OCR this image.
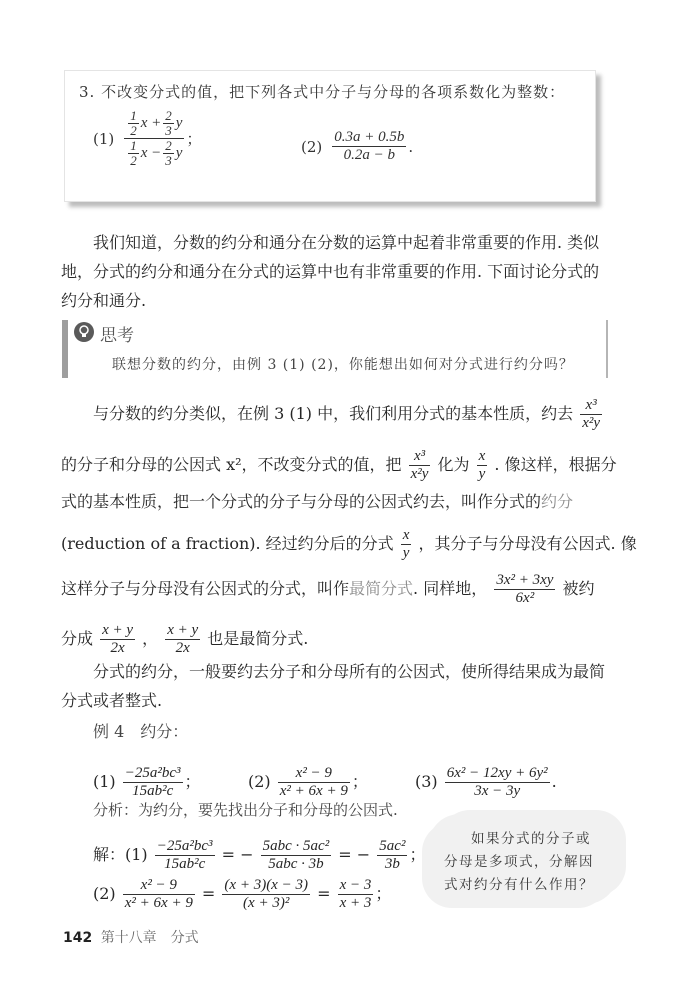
3. 不改变分式的值，把下列各式中分子与分母的各项系数化为整数：
$(1) \frac{\frac{1}{2} x + \frac{2}{3} y}{\frac{1}{2} x - \frac{2}{3} y}$ ；	$(2) \frac{0.3a + 0.5b}{0.2a - b}$ .
我们知道，分数的约分和通分在分数的运算中起着非常重要的作用. 类似
地，分式的约分和通分在分式的运算中也有非常重要的作用. 下面讨论分式的
约分和通分.
思考
联想分数的约分，由例 3 (1) (2)，你能想出如何对分式进行约分吗？
与分数的约分类似，在例 3 (1) 中，我们利用分式的基本性质，约去 $\frac{\text{x³}}{\text{x²y}}$
的分子和分母的公因式 x²，不改变分式的值，把 $\frac{\text{x³}}{\text{x²y}}$ 化为 $\frac{x}{y}$ . 像这样，根据分
式的基本性质，把一个分式的分子与分母的公因式约去，叫作分式的约分
(reduction of a fraction). 经过约分后的分式 $\frac{x}{y}$ ，其分子与分母没有公因式. 像
这样分子与分母没有公因式的分式，叫作最简分式. 同样地， $\frac{\text{3x² + 3xy}}{\text{6x²}}$ 被约
分成 $\frac{x + y}{2x}$ ， $\frac{x + y}{2x}$ 也是最简分式.
分式的约分，一般要约去分子和分母所有的公因式，使所得结果成为最简
分式或者整式.
例 4　约分：
$(1) \frac{\text{−25a²bc³}}{\text{15ab²c}}$ ；	$(2) \frac{\text{x² − 9}}{\text{x² + 6x + 9}}$ ；	$(3) \frac{\text{6x² − 12xy + 6y²}}{3x - 3y}$ .
分析：为约分，要先找出分子和分母的公因式.
解：$(1) \frac{\text{−25a²bc³}}{\text{15ab²c}}$ = − $\frac{\text{5abc · 5ac²}}{\text{5abc · 3b}}$ = − $\frac{\text{5ac²}}{3b}$ ；
$(2) \frac{\text{x² − 9}}{\text{x² + 6x + 9}} = \frac{(x + 3)(x - 3)}{\text{(x + 3)²}} = \frac{x - 3}{x + 3}$ ；
如果分式的分子或分母是多项式，分解因式对约分有什么作用？
142 第十八章　分式
